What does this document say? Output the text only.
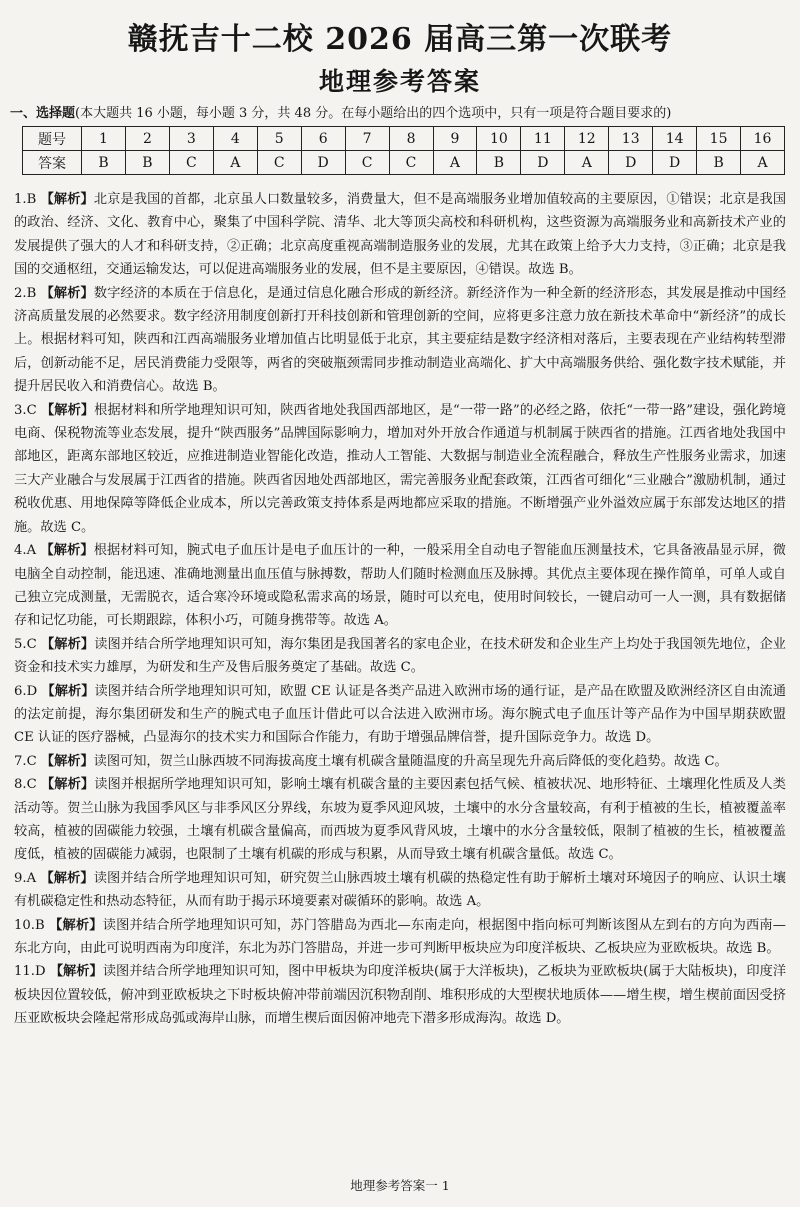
赣抚吉十二校 2026 届高三第一次联考
地理参考答案
一、选择题(本大题共 16 小题，每小题 3 分，共 48 分。在每小题给出的四个选项中，只有一项是符合题目要求的)
题号	1	2	3	4	5	6	7	8	9	10	11	12	13	14	15	16
答案	B	B	C	A	C	D	C	C	A	B	D	A	D	D	B	A

1.B 【解析】北京是我国的首都，北京虽人口数量较多，消费量大，但不是高端服务业增加值较高的主要原因，①错误；北京是我国的政治、经济、文化、教育中心，聚集了中国科学院、清华、北大等顶尖高校和科研机构，这些资源为高端服务业和高新技术产业的发展提供了强大的人才和科研支持，②正确；北京高度重视高端制造服务业的发展，尤其在政策上给予大力支持，③正确；北京是我国的交通枢纽，交通运输发达，可以促进高端服务业的发展，但不是主要原因，④错误。故选 B。

2.B 【解析】数字经济的本质在于信息化，是通过信息化融合形成的新经济。新经济作为一种全新的经济形态，其发展是推动中国经济高质量发展的必然要求。数字经济用制度创新打开科技创新和管理创新的空间，应将更多注意力放在新技术革命中“新经济”的成长上。根据材料可知，陕西和江西高端服务业增加值占比明显低于北京，其主要症结是数字经济相对落后，主要表现在产业结构转型滞后，创新动能不足，居民消费能力受限等，两省的突破瓶颈需同步推动制造业高端化、扩大中高端服务供给、强化数字技术赋能，并提升居民收入和消费信心。故选 B。

3.C 【解析】根据材料和所学地理知识可知，陕西省地处我国西部地区，是“一带一路”的必经之路，依托“一带一路”建设，强化跨境电商、保税物流等业态发展，提升“陕西服务”品牌国际影响力，增加对外开放合作通道与机制属于陕西省的措施。江西省地处我国中部地区，距离东部地区较近，应推进制造业智能化改造，推动人工智能、大数据与制造业全流程融合，释放生产性服务业需求，加速三大产业融合与发展属于江西省的措施。陕西省因地处西部地区，需完善服务业配套政策，江西省可细化“三业融合”激励机制，通过税收优惠、用地保障等降低企业成本，所以完善政策支持体系是两地都应采取的措施。不断增强产业外溢效应属于东部发达地区的措施。故选 C。

4.A 【解析】根据材料可知，腕式电子血压计是电子血压计的一种，一般采用全自动电子智能血压测量技术，它具备液晶显示屏，微电脑全自动控制，能迅速、准确地测量出血压值与脉搏数，帮助人们随时检测血压及脉搏。其优点主要体现在操作简单，可单人或自己独立完成测量，无需脱衣，适合寒冷环境或隐私需求高的场景，随时可以充电，使用时间较长，一键启动可一人一测，具有数据储存和记忆功能，可长期跟踪，体积小巧，可随身携带等。故选 A。

5.C 【解析】读图并结合所学地理知识可知，海尔集团是我国著名的家电企业，在技术研发和企业生产上均处于我国领先地位，企业资金和技术实力雄厚，为研发和生产及售后服务奠定了基础。故选 C。

6.D 【解析】读图并结合所学地理知识可知，欧盟 CE 认证是各类产品进入欧洲市场的通行证，是产品在欧盟及欧洲经济区自由流通的法定前提，海尔集团研发和生产的腕式电子血压计借此可以合法进入欧洲市场。海尔腕式电子血压计等产品作为中国早期获欧盟 CE 认证的医疗器械，凸显海尔的技术实力和国际合作能力，有助于增强品牌信誉，提升国际竞争力。故选 D。

7.C 【解析】读图可知，贺兰山脉西坡不同海拔高度土壤有机碳含量随温度的升高呈现先升高后降低的变化趋势。故选 C。

8.C 【解析】读图并根据所学地理知识可知，影响土壤有机碳含量的主要因素包括气候、植被状况、地形特征、土壤理化性质及人类活动等。贺兰山脉为我国季风区与非季风区分界线，东坡为夏季风迎风坡，土壤中的水分含量较高，有利于植被的生长，植被覆盖率较高，植被的固碳能力较强，土壤有机碳含量偏高，而西坡为夏季风背风坡，土壤中的水分含量较低，限制了植被的生长，植被覆盖度低，植被的固碳能力减弱，也限制了土壤有机碳的形成与积累，从而导致土壤有机碳含量低。故选 C。

9.A 【解析】读图并结合所学地理知识可知，研究贺兰山脉西坡土壤有机碳的热稳定性有助于解析土壤对环境因子的响应、认识土壤有机碳稳定性和热动态特征，从而有助于揭示环境要素对碳循环的影响。故选 A。

10.B 【解析】读图并结合所学地理知识可知，苏门答腊岛为西北—东南走向，根据图中指向标可判断该图从左到右的方向为西南—东北方向，由此可说明西南为印度洋，东北为苏门答腊岛，并进一步可判断甲板块应为印度洋板块、乙板块应为亚欧板块。故选 B。

11.D 【解析】读图并结合所学地理知识可知，图中甲板块为印度洋板块(属于大洋板块)，乙板块为亚欧板块(属于大陆板块)，印度洋板块因位置较低，俯冲到亚欧板块之下时板块俯冲带前端因沉积物刮削、堆积形成的大型楔状地质体——增生楔，增生楔前面因受挤压亚欧板块会隆起常形成岛弧或海岸山脉，而增生楔后面因俯冲地壳下潜多形成海沟。故选 D。

地理参考答案一 1
